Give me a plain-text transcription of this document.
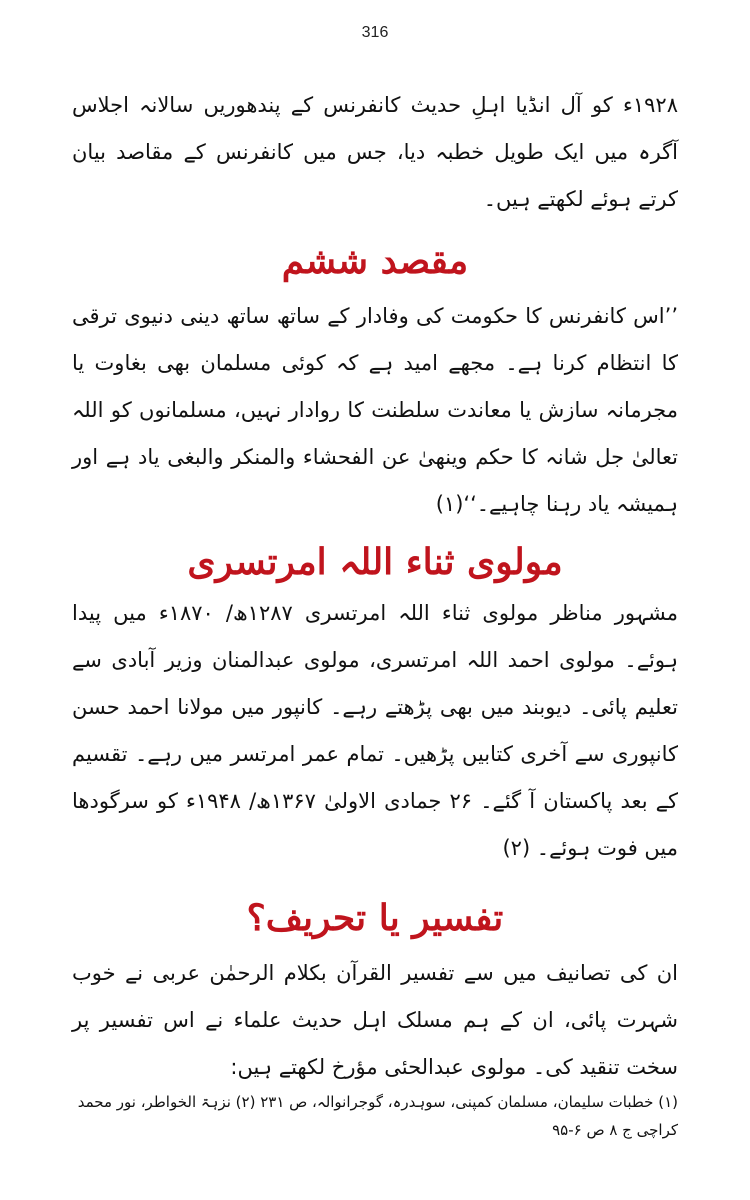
316

۱۹۲۸ء کو آل انڈیا اہلِ حدیث کانفرنس کے پندھوریں سالانہ اجلاس آگرہ میں ایک طویل خطبہ دیا، جس میں کانفرنس کے مقاصد بیان کرتے ہوئے لکھتے ہیں۔

مقصد ششم

’’اس کانفرنس کا حکومت کی وفادار کے ساتھ ساتھ دینی دنیوی ترقی کا انتظام کرنا ہے۔ مجھے امید ہے کہ کوئی مسلمان بھی بغاوت یا مجرمانہ سازش یا معاندت سلطنت کا روادار نہیں، مسلمانوں کو اللہ تعالیٰ جل شانہ کا حکم وینھیٰ عن الفحشاء والمنکر والبغی یاد ہے اور ہمیشہ یاد رہنا چاہیے۔‘‘(۱)

مولوی ثناء اللہ امرتسری

مشہور مناظر مولوی ثناء اللہ امرتسری ۱۲۸۷ھ/ ۱۸۷۰ء میں پیدا ہوئے۔ مولوی احمد اللہ امرتسری، مولوی عبدالمنان وزیر آبادی سے تعلیم پائی۔ دیوبند میں بھی پڑھتے رہے۔ کانپور میں مولانا احمد حسن کانپوری سے آخری کتابیں پڑھیں۔ تمام عمر امرتسر میں رہے۔ تقسیم کے بعد پاکستان آ گئے۔ ۲۶ جمادی الاولیٰ ۱۳۶۷ھ/ ۱۹۴۸ء کو سرگودھا میں فوت ہوئے۔ (۲)

تفسیر یا تحریف؟

ان کی تصانیف میں سے تفسیر القرآن بکلام الرحمٰن عربی نے خوب شہرت پائی، ان کے ہم مسلک اہل حدیث علماء نے اس تفسیر پر سخت تنقید کی۔ مولوی عبدالحئی مؤرخ لکھتے ہیں:

(۱) خطبات سلیمان، مسلمان کمپنی، سوہدرہ، گوجرانوالہ، ص ۲۳۱ (۲) نزہۃ الخواطر، نور محمد کراچی ج ۸ ص ۶-۹۵
